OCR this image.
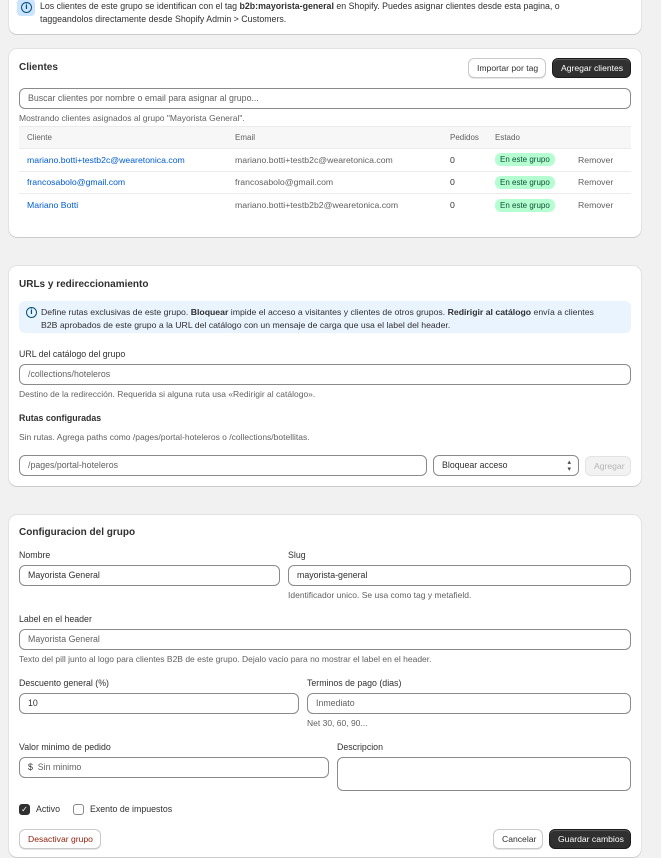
i	Los clientes de este grupo se identifican con el tag b2b:mayorista-general en Shopify. Puedes asignar clientes desde esta pagina, o
taggeandolos directamente desde Shopify Admin > Customers.
Clientes	Importar por tag	Agregar clientes
Buscar clientes por nombre o email para asignar al grupo...
Mostrando clientes asignados al grupo "Mayorista General".
Cliente	Email	Pedidos	Estado	
mariano.botti+testb2c@wearetonica.com	mariano.botti+testb2c@wearetonica.com	0	En este grupo	Remover
francosabolo@gmail.com	francosabolo@gmail.com	0	En este grupo	Remover
Mariano Botti	mariano.botti+testb2b2@wearetonica.com	0	En este grupo	Remover
URLs y redireccionamiento
i Define rutas exclusivas de este grupo. Bloquear impide el acceso a visitantes y clientes de otros grupos. Redirigir al catálogo envía a clientes
B2B aprobados de este grupo a la URL del catálogo con un mensaje de carga que usa el label del header.
URL del catálogo del grupo
/collections/hoteleros
Destino de la redirección. Requerida si alguna ruta usa «Redirigir al catálogo».
Rutas configuradas
Sin rutas. Agrega paths como /pages/portal-hoteleros o /collections/botellitas.
/pages/portal-hoteleros	Bloquear acceso	▴
▾	Agregar
Configuracion del grupo
Nombre
Mayorista General
Slug
mayorista-general
Identificador unico. Se usa como tag y metafield.
Label en el header
Mayorista General
Texto del pill junto al logo para clientes B2B de este grupo. Dejalo vacio para no mostrar el label en el header.
Descuento general (%)
10
Terminos de pago (dias)
Inmediato
Net 30, 60, 90...
Valor minimo de pedido
$ Sin minimo
Descripcion
✓ Activo	Exento de impuestos
Desactivar grupo	Cancelar	Guardar cambios
